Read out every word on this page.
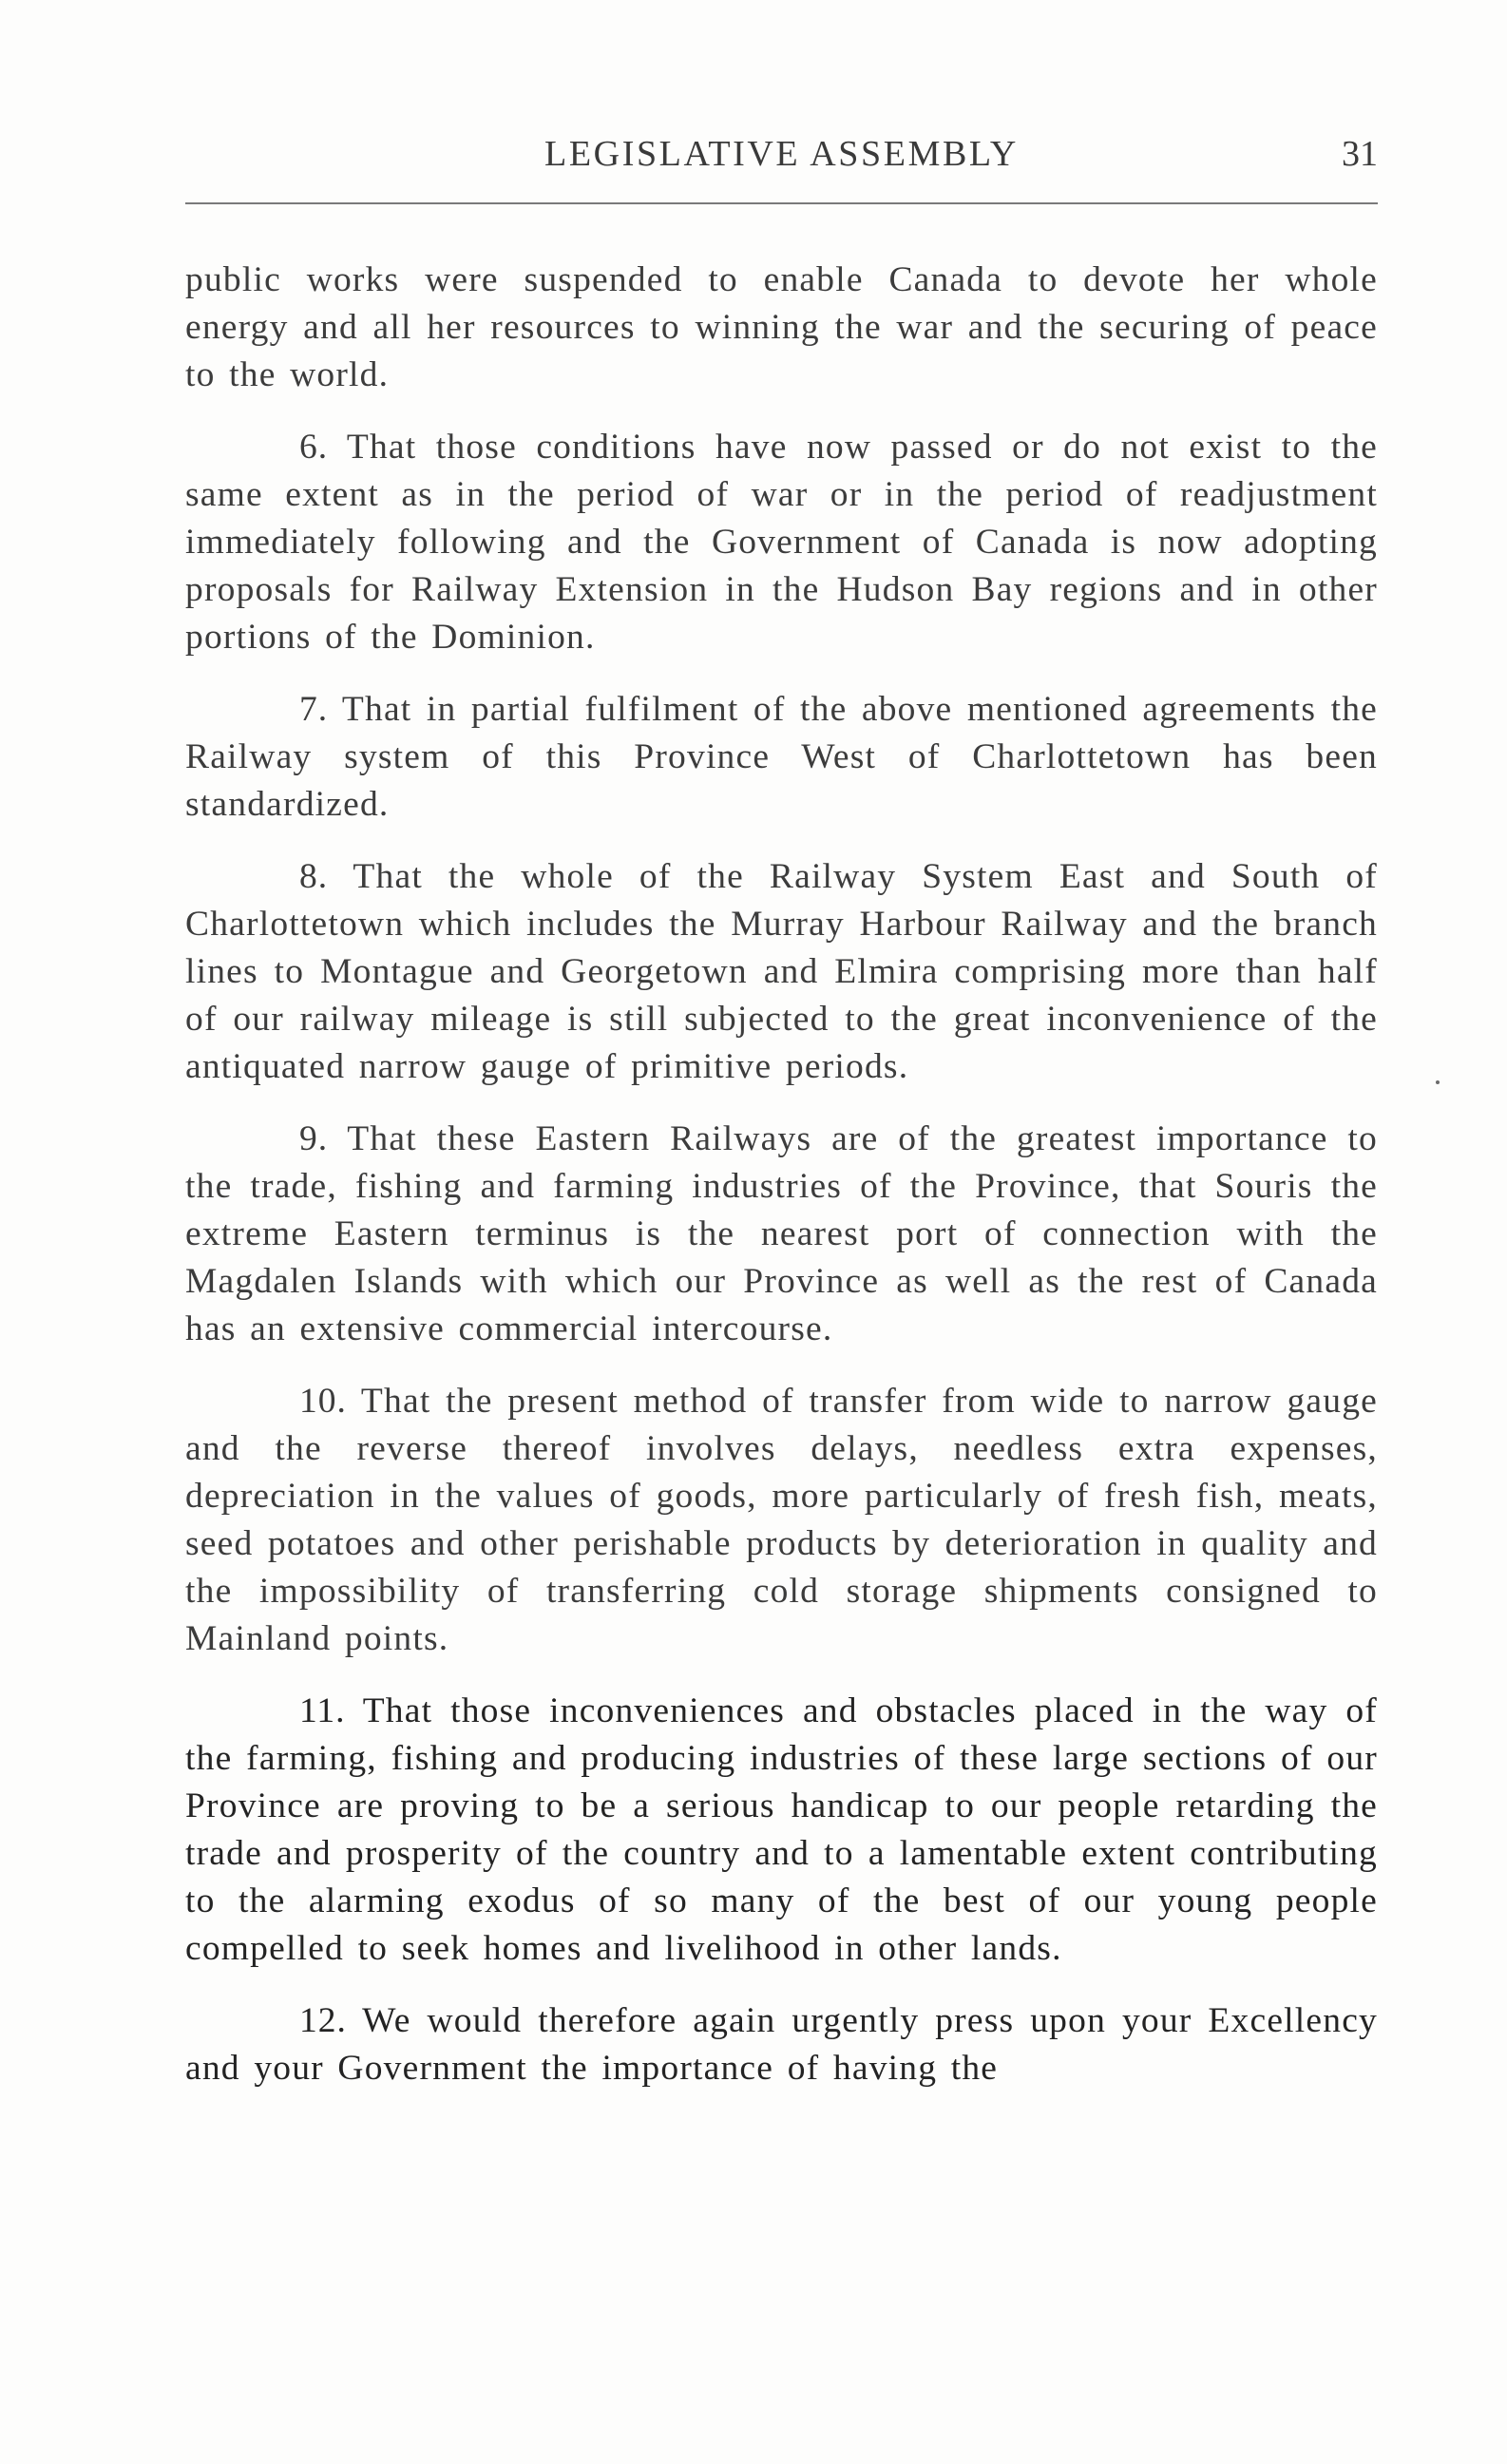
LEGISLATIVE ASSEMBLY	31

public works were suspended to enable Canada to devote her whole energy and all her resources to winning the war and the securing of peace to the world.

6. That those conditions have now passed or do not exist to the same extent as in the period of war or in the period of readjustment immediately following and the Government of Canada is now adopting proposals for Railway Extension in the Hudson Bay regions and in other portions of the Dominion.

7. That in partial fulfilment of the above mentioned agreements the Railway system of this Province West of Charlottetown has been standardized.

8. That the whole of the Railway System East and South of Charlottetown which includes the Murray Harbour Railway and the branch lines to Montague and Georgetown and Elmira comprising more than half of our railway mileage is still subjected to the great inconvenience of the antiquated narrow gauge of primitive periods.

9. That these Eastern Railways are of the greatest importance to the trade, fishing and farming industries of the Province, that Souris the extreme Eastern terminus is the nearest port of connection with the Magdalen Islands with which our Province as well as the rest of Canada has an extensive commercial intercourse.

10. That the present method of transfer from wide to narrow gauge and the reverse thereof involves delays, needless extra expenses, depreciation in the values of goods, more particularly of fresh fish, meats, seed potatoes and other perishable products by deterioration in quality and the impossibility of transferring cold storage shipments consigned to Mainland points.

11. That those inconveniences and obstacles placed in the way of the farming, fishing and producing industries of these large sections of our Province are proving to be a serious handicap to our people retarding the trade and prosperity of the country and to a lamentable extent contributing to the alarming exodus of so many of the best of our young people compelled to seek homes and livelihood in other lands.

12. We would therefore again urgently press upon your Excellency and your Government the importance of having the
